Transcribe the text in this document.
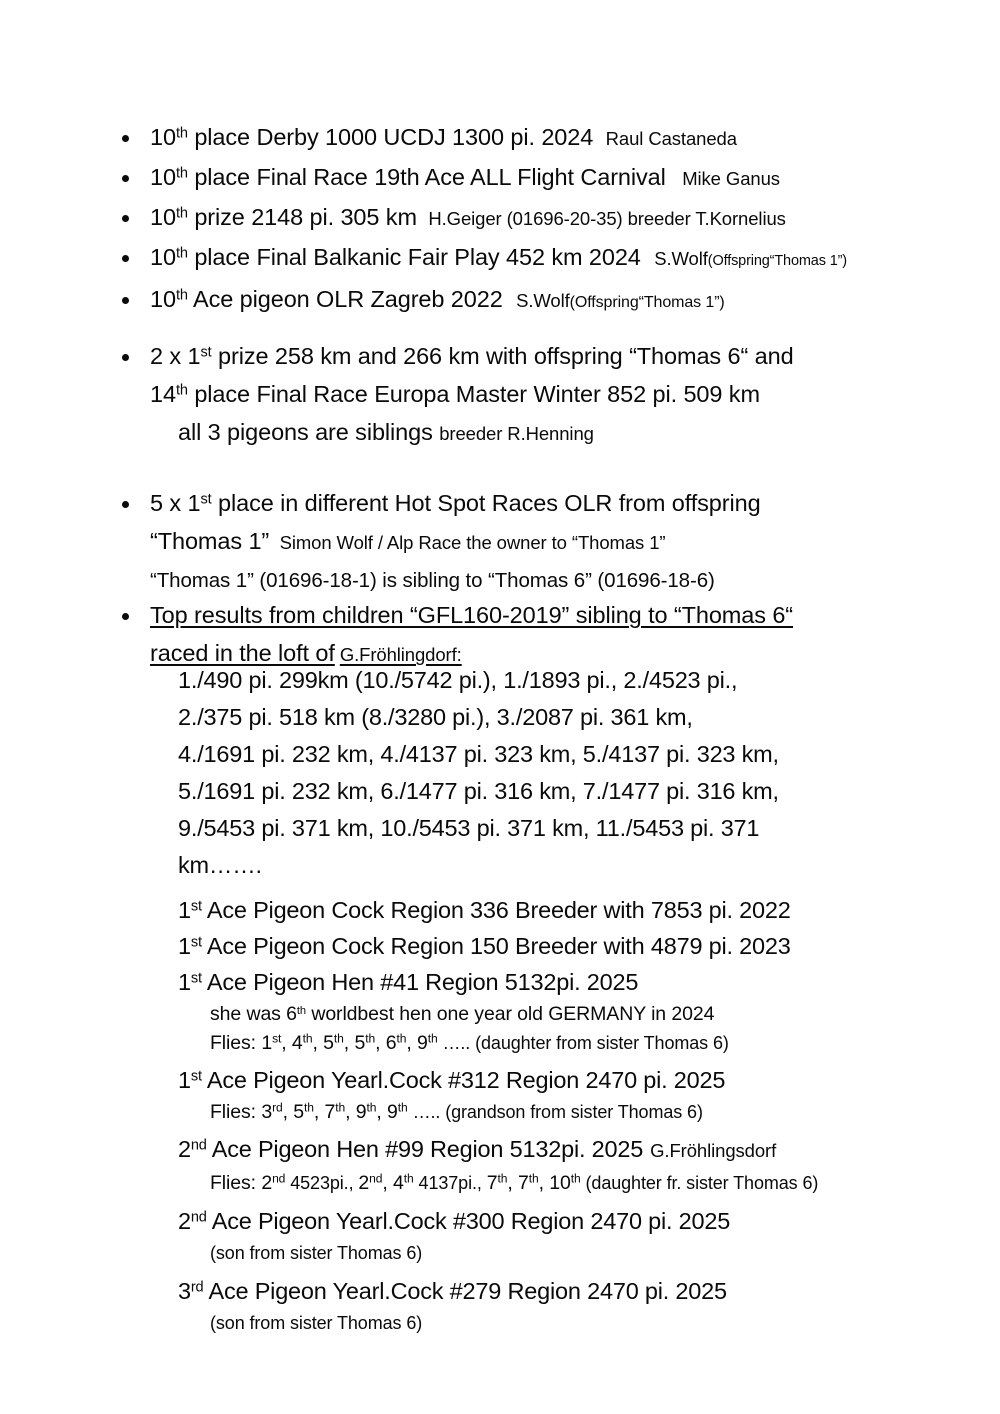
10th place Derby 1000 UCDJ 1300 pi. 2024 Raul Castaneda
10th place Final Race 19th Ace ALL Flight Carnival Mike Ganus
10th prize 2148 pi. 305 km H.Geiger (01696-20-35) breeder T.Kornelius
10th place Final Balkanic Fair Play 452 km 2024 S.Wolf(Offspring“Thomas 1”)
10th Ace pigeon OLR Zagreb 2022 S.Wolf(Offspring“Thomas 1”)
2 x 1st prize 258 km and 266 km with offspring “Thomas 6“ and
14th place Final Race Europa Master Winter 852 pi. 509 km
all 3 pigeons are siblings breeder R.Henning
5 x 1st place in different Hot Spot Races OLR from offspring
“Thomas 1” Simon Wolf / Alp Race the owner to “Thomas 1”
“Thomas 1” (01696-18-1) is sibling to “Thomas 6” (01696-18-6)
Top results from children “GFL160-2019” sibling to “Thomas 6“
raced in the loft of G.Fröhlingdorf:
1./490 pi. 299km (10./5742 pi.), 1./1893 pi., 2./4523 pi.,
2./375 pi. 518 km (8./3280 pi.), 3./2087 pi. 361 km,
4./1691 pi. 232 km, 4./4137 pi. 323 km, 5./4137 pi. 323 km,
5./1691 pi. 232 km, 6./1477 pi. 316 km, 7./1477 pi. 316 km,
9./5453 pi. 371 km, 10./5453 pi. 371 km, 11./5453 pi. 371
km…….
1st Ace Pigeon Cock Region 336 Breeder with 7853 pi. 2022
1st Ace Pigeon Cock Region 150 Breeder with 4879 pi. 2023
1st Ace Pigeon Hen #41 Region 5132pi. 2025
she was 6th worldbest hen one year old GERMANY in 2024
Flies: 1st, 4th, 5th, 5th, 6th, 9th ….. (daughter from sister Thomas 6)
1st Ace Pigeon Yearl.Cock #312 Region 2470 pi. 2025
Flies: 3rd, 5th, 7th, 9th, 9th ….. (grandson from sister Thomas 6)
2nd Ace Pigeon Hen #99 Region 5132pi. 2025 G.Fröhlingsdorf
Flies: 2nd 4523pi., 2nd, 4th 4137pi., 7th, 7th, 10th (daughter fr. sister Thomas 6)
2nd Ace Pigeon Yearl.Cock #300 Region 2470 pi. 2025
(son from sister Thomas 6)
3rd Ace Pigeon Yearl.Cock #279 Region 2470 pi. 2025
(son from sister Thomas 6)
